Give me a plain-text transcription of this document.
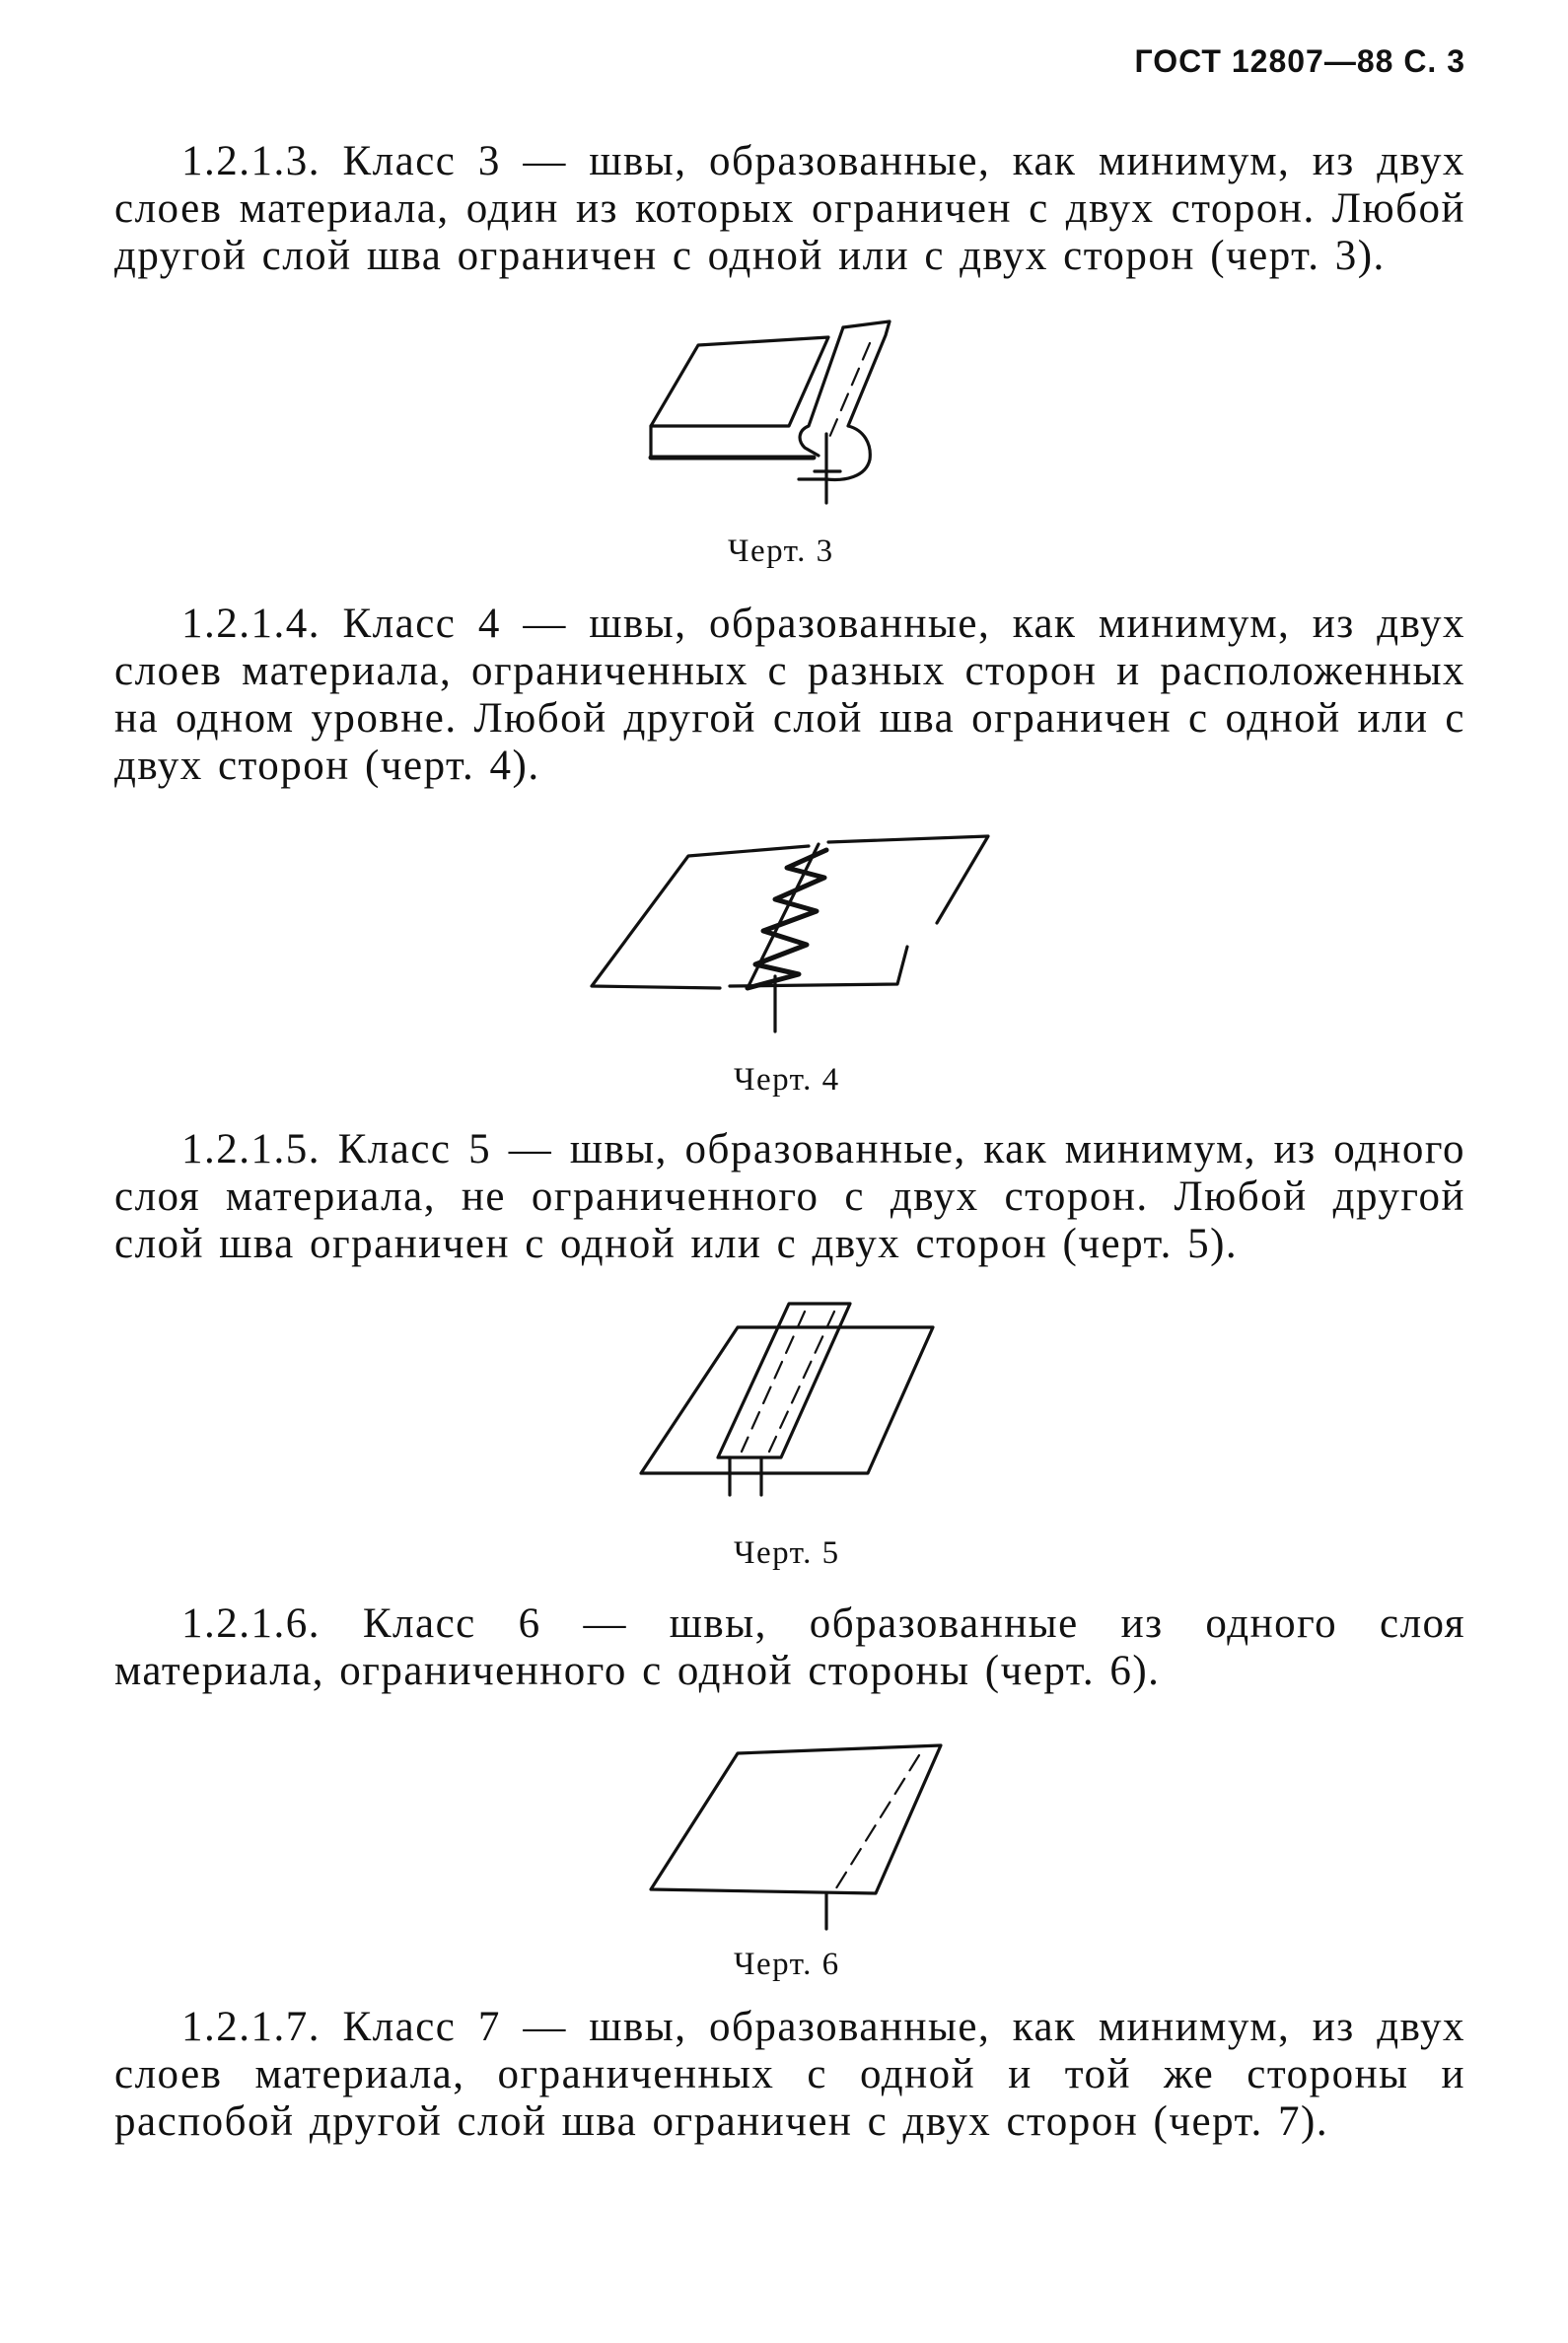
ГОСТ 12807—88 С. 3
1.2.1.3. Класс 3 — швы, образованные, как минимум, из двух слоев материала, один из которых ограничен с двух сторон. Любой другой слой шва ограничен с одной или с двух сторон (черт. 3).
Черт. 3
1.2.1.4. Класс 4 — швы, образованные, как минимум, из двух слоев материала, ограниченных с разных сторон и расположенных на одном уровне. Любой другой слой шва ограничен с одной или с двух сторон (черт. 4).
Черт. 4
1.2.1.5. Класс 5 — швы, образованные, как минимум, из одного слоя материала, не ограниченного с двух сторон. Любой другой слой шва ограничен с одной или с двух сторон (черт. 5).
Черт. 5
1.2.1.6. Класс 6 — швы, образованные из одного слоя материала, ограниченного с одной стороны (черт. 6).
Черт. 6
1.2.1.7. Класс 7 — швы, образованные, как минимум, из двух слоев материала, ограниченных с одной и той же стороны и распобой другой слой шва ограничен с двух сторон (черт. 7).
